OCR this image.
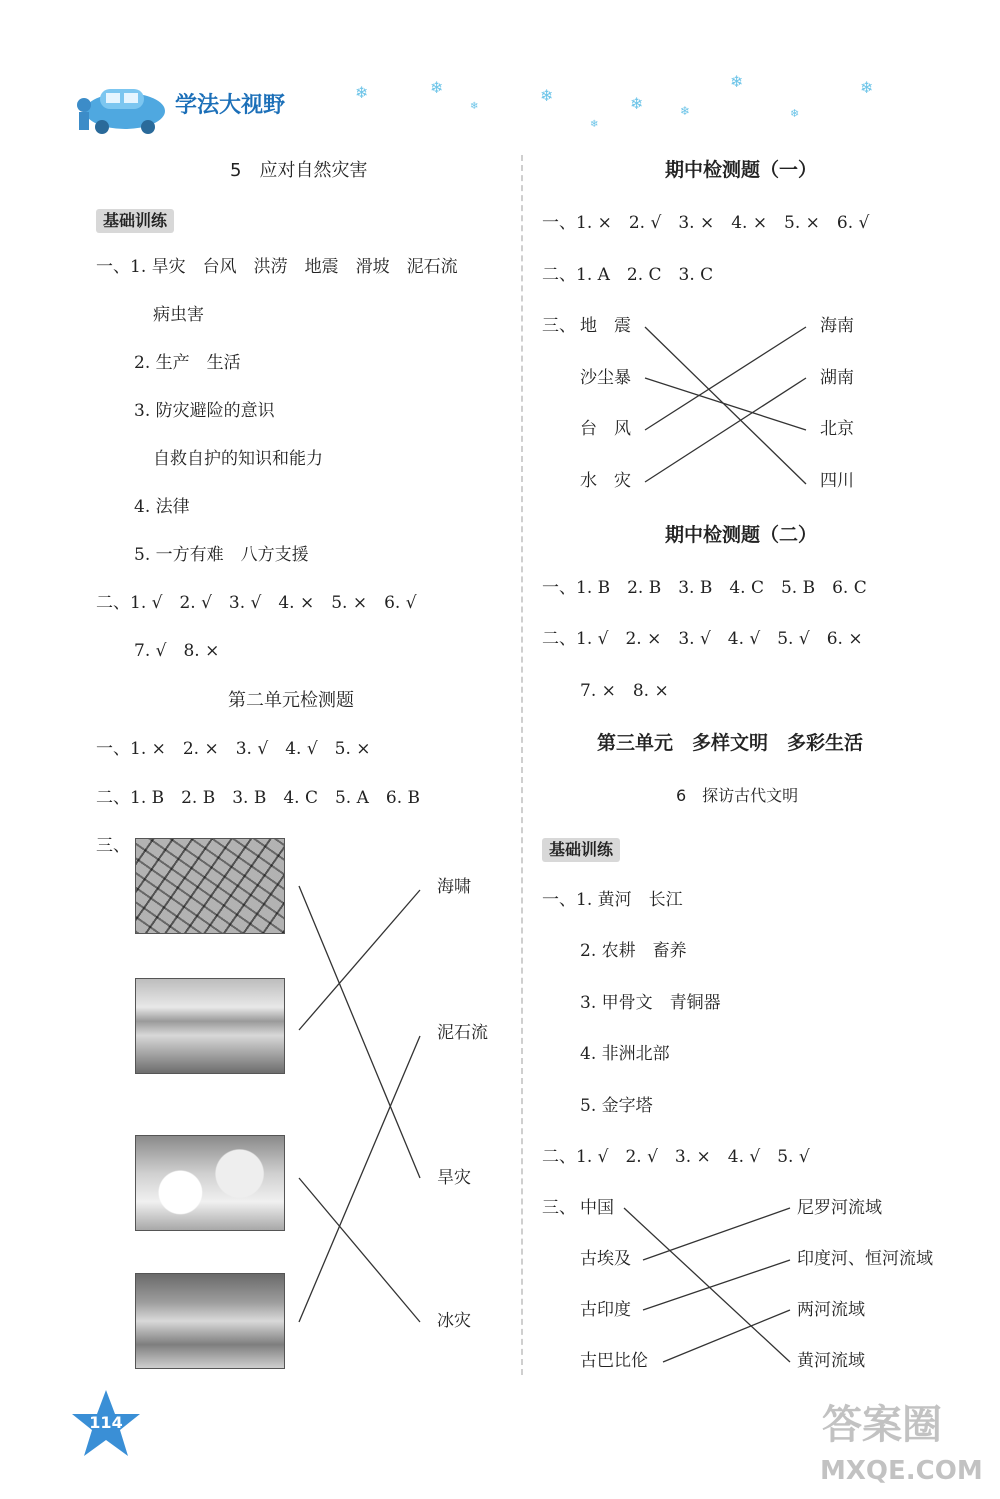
学法大视野
❄	❄
❄
❄
❄
❄	❄
❄
❄
❄
5　应对自然灾害
基础训练
一、1. 旱灾　台风　洪涝　地震　滑坡　泥石流
病虫害
2. 生产　生活
3. 防灾避险的意识
自救自护的知识和能力
4. 法律
5. 一方有难　八方支援
二、1. √　2. √　3. √　4. ×　5. ×　6. √
7. √　8. ×
第二单元检测题
一、1. ×　2. ×　3. √　4. √　5. ×
二、1. B　2. B　3. B　4. C　5. A　6. B
三、
海啸
泥石流
旱灾
冰灾
期中检测题（一）
一、1. ×　2. √　3. ×　4. ×　5. ×　6. √
二、1. A　2. C　3. C
三、 地　震
沙尘暴
台　风
水　灾
海南
湖南
北京
四川
期中检测题（二）
一、1. B　2. B　3. B　4. C　5. B　6. C
二、1. √　2. ×　3. √　4. √　5. √　6. ×
7. ×　8. ×
第三单元　多样文明　多彩生活
6　探访古代文明
基础训练
一、1. 黄河　长江
2. 农耕　畜养
3. 甲骨文　青铜器
4. 非洲北部
5. 金字塔
二、1. √　2. √　3. ×　4. √　5. √
三、 中国
古埃及
古印度
古巴比伦
尼罗河流域
印度河、恒河流域
两河流域
黄河流域
114	答案圈
MXQE.COM
